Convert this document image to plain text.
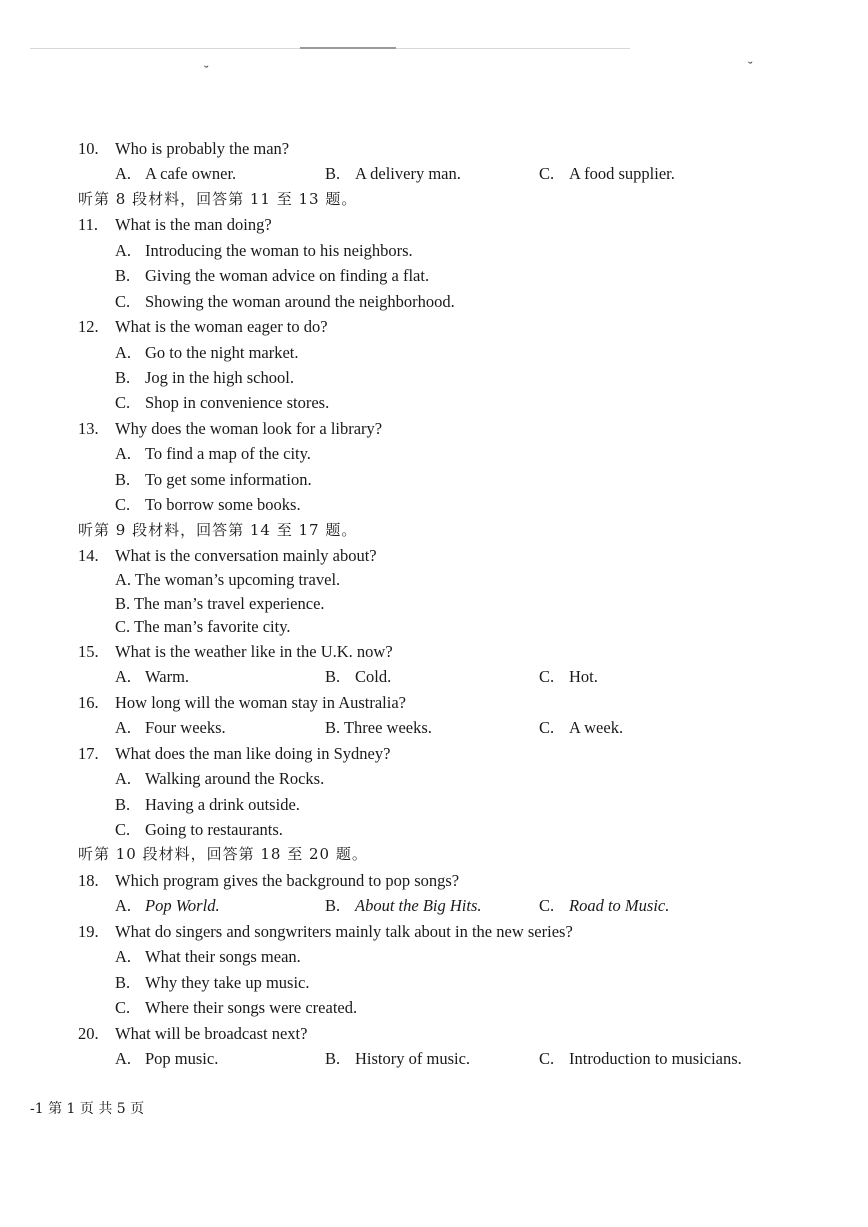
˘	˘
10. Who is probably the man?
A. A cafe owner.	B. A delivery man.	C. A food supplier.
听第 8 段材料，回答第 11 至 13 题。
11. What is the man doing?
A. Introducing the woman to his neighbors.
B. Giving the woman advice on finding a flat.
C. Showing the woman around the neighborhood.
12. What is the woman eager to do?
A. Go to the night market.
B. Jog in the high school.
C. Shop in convenience stores.
13. Why does the woman look for a library?
A. To find a map of the city.
B. To get some information.
C. To borrow some books.
听第 9 段材料，回答第 14 至 17 题。
14. What is the conversation mainly about?
A. The woman’s upcoming travel.
B. The man’s travel experience.
C. The man’s favorite city.
15. What is the weather like in the U.K. now?
A. Warm.	B. Cold.	C. Hot.
16. How long will the woman stay in Australia?
A. Four weeks.	B. Three weeks.	C. A week.
17. What does the man like doing in Sydney?
A. Walking around the Rocks.
B. Having a drink outside.
C. Going to restaurants.
听第 10 段材料，回答第 18 至 20 题。
18. Which program gives the background to pop songs?
A. Pop World.	B. About the Big Hits.	C. Road to Music.
19. What do singers and songwriters mainly talk about in the new series?
A. What their songs mean.
B. Why they take up music.
C. Where their songs were created.
20. What will be broadcast next?
A. Pop music.	B. History of music.	C. Introduction to musicians.
-1 第 1 页 共 5 页
